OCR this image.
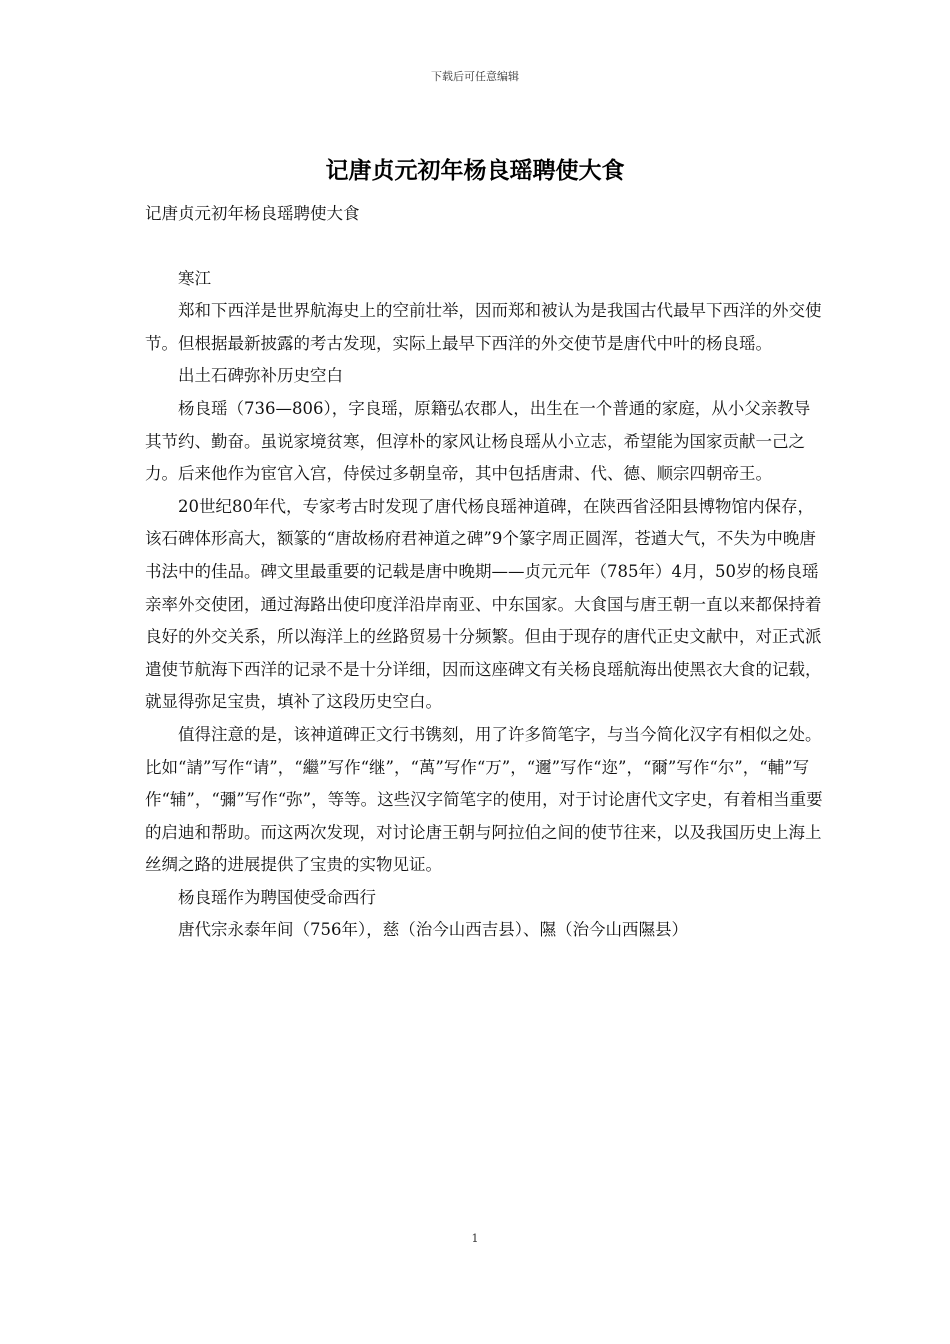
下载后可任意编辑
记唐贞元初年杨良瑶聘使大食

记唐贞元初年杨良瑶聘使大食

寒江

郑和下西洋是世界航海史上的空前壮举，因而郑和被认为是我国古代最早下西洋的外交使节。但根据最新披露的考古发现，实际上最早下西洋的外交使节是唐代中叶的杨良瑶。

出土石碑弥补历史空白

杨良瑶（736—806），字良瑶，原籍弘农郡人，出生在一个普通的家庭，从小父亲教导其节约、勤奋。虽说家境贫寒，但淳朴的家风让杨良瑶从小立志，希望能为国家贡献一己之力。后来他作为宦官入宫，侍侯过多朝皇帝，其中包括唐肃、代、德、顺宗四朝帝王。

20世纪80年代，专家考古时发现了唐代杨良瑶神道碑，在陕西省泾阳县博物馆内保存，该石碑体形高大，额篆的“唐故杨府君神道之碑”9个篆字周正圆浑，苍遒大气，不失为中晚唐书法中的佳品。碑文里最重要的记载是唐中晚期——贞元元年（785年）4月，50岁的杨良瑶亲率外交使团，通过海路出使印度洋沿岸南亚、中东国家。大食国与唐王朝一直以来都保持着良好的外交关系，所以海洋上的丝路贸易十分频繁。但由于现存的唐代正史文献中，对正式派遣使节航海下西洋的记录不是十分详细，因而这座碑文有关杨良瑶航海出使黑衣大食的记载，就显得弥足宝贵，填补了这段历史空白。

值得注意的是，该神道碑正文行书镌刻，用了许多简笔字，与当今简化汉字有相似之处。比如“請”写作“请”，“繼”写作“继”，“萬”写作“万”，“邇”写作“迩”，“爾”写作“尔”，“輔”写作“辅”，“彌”写作“弥”，等等。这些汉字简笔字的使用，对于讨论唐代文字史，有着相当重要的启迪和帮助。而这两次发现，对讨论唐王朝与阿拉伯之间的使节往来，以及我国历史上海上丝绸之路的进展提供了宝贵的实物见证。

杨良瑶作为聘国使受命西行

唐代宗永泰年间（756年），慈（治今山西吉县）、隰（治今山西隰县）

1
